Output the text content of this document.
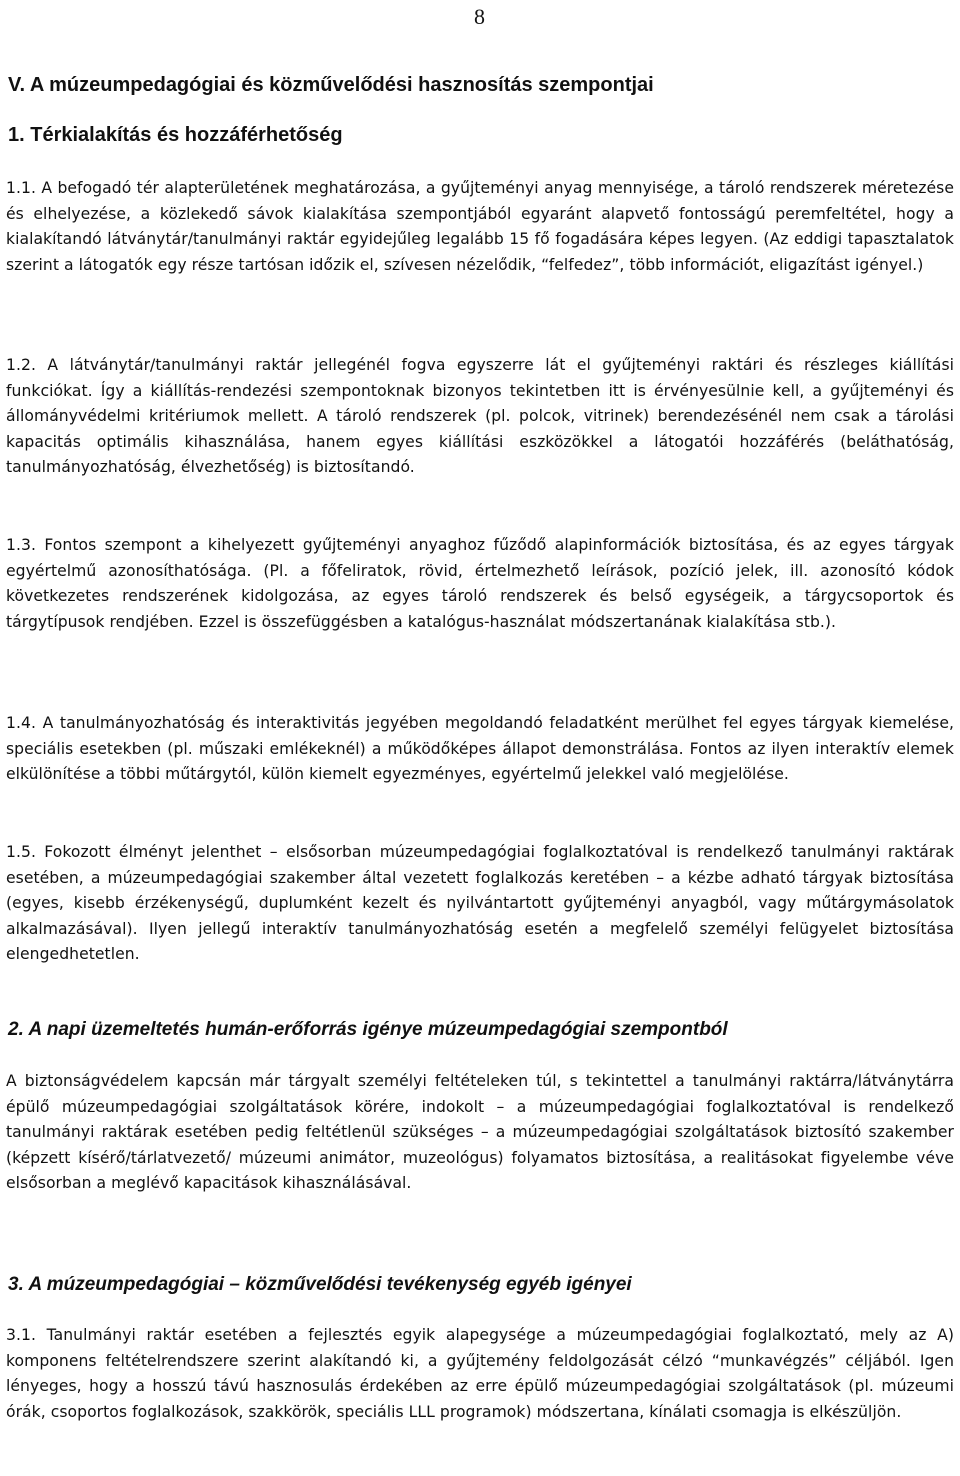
8
V. A múzeumpedagógiai és közművelődési hasznosítás szempontjai
1. Térkialakítás és hozzáférhetőség
1.1. A befogadó tér alapterületének meghatározása, a gyűjteményi anyag mennyisége, a tároló rendszerek méretezése és elhelyezése, a közlekedő sávok kialakítása szempontjából egyaránt alapvető fontosságú peremfeltétel, hogy a kialakítandó látványtár/tanulmányi raktár egyidejűleg legalább 15 fő fogadására képes legyen. (Az eddigi tapasztalatok szerint a látogatók egy része tartósan időzik el, szívesen nézelődik, “felfedez”, több információt, eligazítást igényel.)
1.2. A látványtár/tanulmányi raktár jellegénél fogva egyszerre lát el gyűjteményi raktári és részleges kiállítási funkciókat. Így a kiállítás-rendezési szempontoknak bizonyos tekintetben itt is érvényesülnie kell, a gyűjteményi és állományvédelmi kritériumok mellett. A tároló rendszerek (pl. polcok, vitrinek) berendezésénél nem csak a tárolási kapacitás optimális kihasználása, hanem egyes kiállítási eszközökkel a látogatói hozzáférés (beláthatóság, tanulmányozhatóság, élvezhetőség) is biztosítandó.
1.3. Fontos szempont a kihelyezett gyűjteményi anyaghoz fűződő alapinformációk biztosítása, és az egyes tárgyak egyértelmű azonosíthatósága. (Pl. a főfeliratok, rövid, értelmezhető leírások, pozíció jelek, ill. azonosító kódok következetes rendszerének kidolgozása, az egyes tároló rendszerek és belső egységeik, a tárgycsoportok és tárgytípusok rendjében. Ezzel is összefüggésben a katalógus-használat módszertanának kialakítása stb.).
1.4. A tanulmányozhatóság és interaktivitás jegyében megoldandó feladatként merülhet fel egyes tárgyak kiemelése, speciális esetekben (pl. műszaki emlékeknél) a működőképes állapot demonstrálása. Fontos az ilyen interaktív elemek elkülönítése a többi műtárgytól, külön kiemelt egyezményes, egyértelmű jelekkel való megjelölése.
1.5. Fokozott élményt jelenthet – elsősorban múzeumpedagógiai foglalkoztatóval is rendelkező tanulmányi raktárak esetében, a múzeumpedagógiai szakember által vezetett foglalkozás keretében – a kézbe adható tárgyak biztosítása (egyes, kisebb érzékenységű, duplumként kezelt és nyilvántartott gyűjteményi anyagból, vagy műtárgymásolatok alkalmazásával). Ilyen jellegű interaktív tanulmányozhatóság esetén a megfelelő személyi felügyelet biztosítása elengedhetetlen.
2. A napi üzemeltetés humán-erőforrás igénye múzeumpedagógiai szempontból
A biztonságvédelem kapcsán már tárgyalt személyi feltételeken túl, s tekintettel a tanulmányi raktárra/látványtárra épülő múzeumpedagógiai szolgáltatások körére, indokolt – a múzeumpedagógiai foglalkoztatóval is rendelkező tanulmányi raktárak esetében pedig feltétlenül szükséges – a múzeumpedagógiai szolgáltatások biztosító szakember (képzett kísérő/tárlatvezető/ múzeumi animátor, muzeológus) folyamatos biztosítása, a realitásokat figyelembe véve elsősorban a meglévő kapacitások kihasználásával.
3. A múzeumpedagógiai – közművelődési tevékenység egyéb igényei
3.1. Tanulmányi raktár esetében a fejlesztés egyik alapegysége a múzeumpedagógiai foglalkoztató, mely az A) komponens feltételrendszere szerint alakítandó ki, a gyűjtemény feldolgozását célzó “munkavégzés” céljából. Igen lényeges, hogy a hosszú távú hasznosulás érdekében az erre épülő múzeumpedagógiai szolgáltatások (pl. múzeumi órák, csoportos foglalkozások, szakkörök, speciális LLL programok) módszertana, kínálati csomagja is elkészüljön.
